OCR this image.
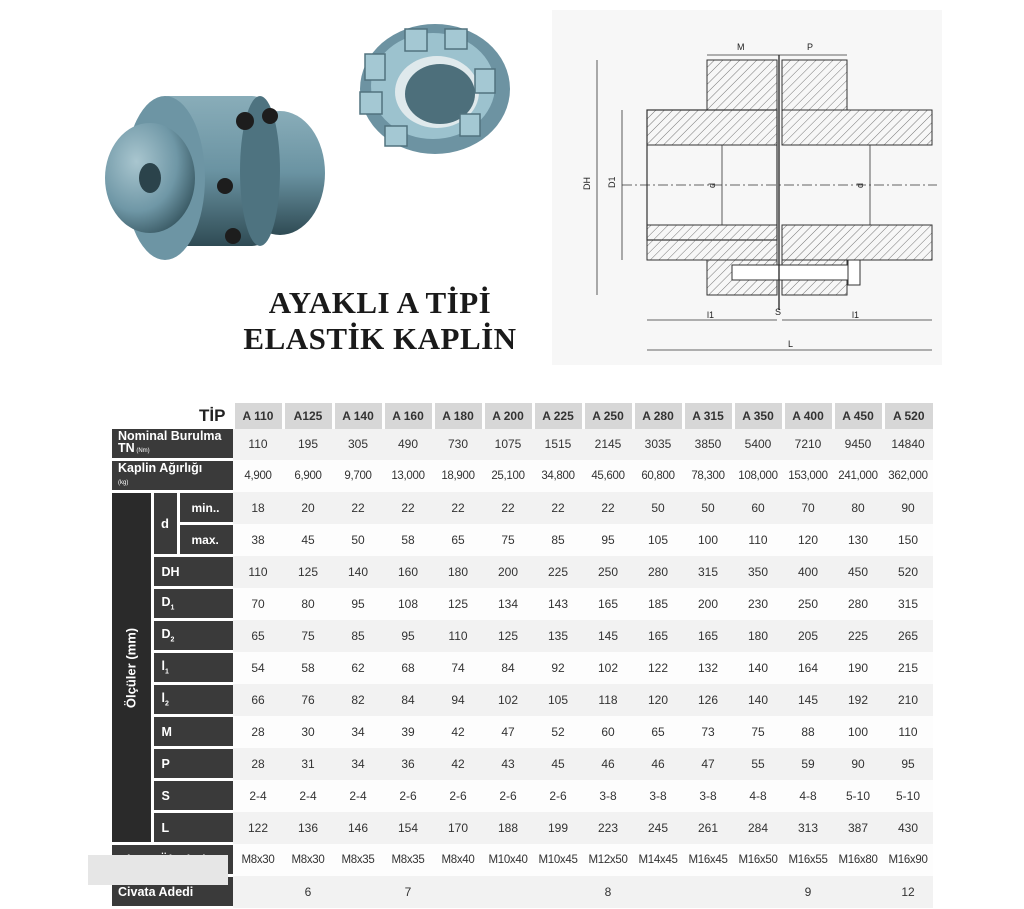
AYAKLI A TİPİ
ELASTİK KAPLİN
M	P
DH D1	d	d
l1	S	l1
L
TİP			A 110	A125	A 140	A 160	A 180	A 200	A 225	A 250	A 280	A 315	A 350	A 400	A 450	A 520

Nominal Burulma
TN (Nm)			110	195	305	490	730	1075	1515	2145	3035	3850	5400	7210	9450	14840

Kaplin Ağırlığı
(kg)			4,900	6,900	9,700	13,000	18,900	25,100	34,800	45,600	60,800	78,300	108,000	153,000	241,000	362,000

Ölçüler (mm)	d	min..	18	20	22	22	22	22	22	22	50	50	60	70	80	90
		max.	38	45	50	58	65	75	85	95	105	100	110	120	130	150
	DH		110	125	140	160	180	200	225	250	280	315	350	400	450	520
	$D_1$		70	80	95	108	125	134	143	165	185	200	230	250	280	315
	$D_2$		65	75	85	95	110	125	135	145	165	165	180	205	225	265
	$l_1$		54	58	62	68	74	84	92	102	122	132	140	164	190	215
	$l_2$		66	76	82	84	94	102	105	118	120	126	140	145	192	210
	M		28	30	34	39	42	47	52	60	65	73	75	88	100	110
	P		28	31	34	36	42	43	45	46	46	47	55	59	90	95
	S		2-4	2-4	2-4	2-6	2-6	2-6	2-6	3-8	3-8	3-8	4-8	4-8	5-10	5-10
	L		122	136	146	154	170	188	199	223	245	261	284	313	387	430
	M8x30	M8x30	M8x35	M8x35	M8x40	M10x40	M10x45	M12x50	M14x45	M16x45	M16x50	M16x55	M16x80	M16x90
Civata Adedi				6		7				8				9		12
